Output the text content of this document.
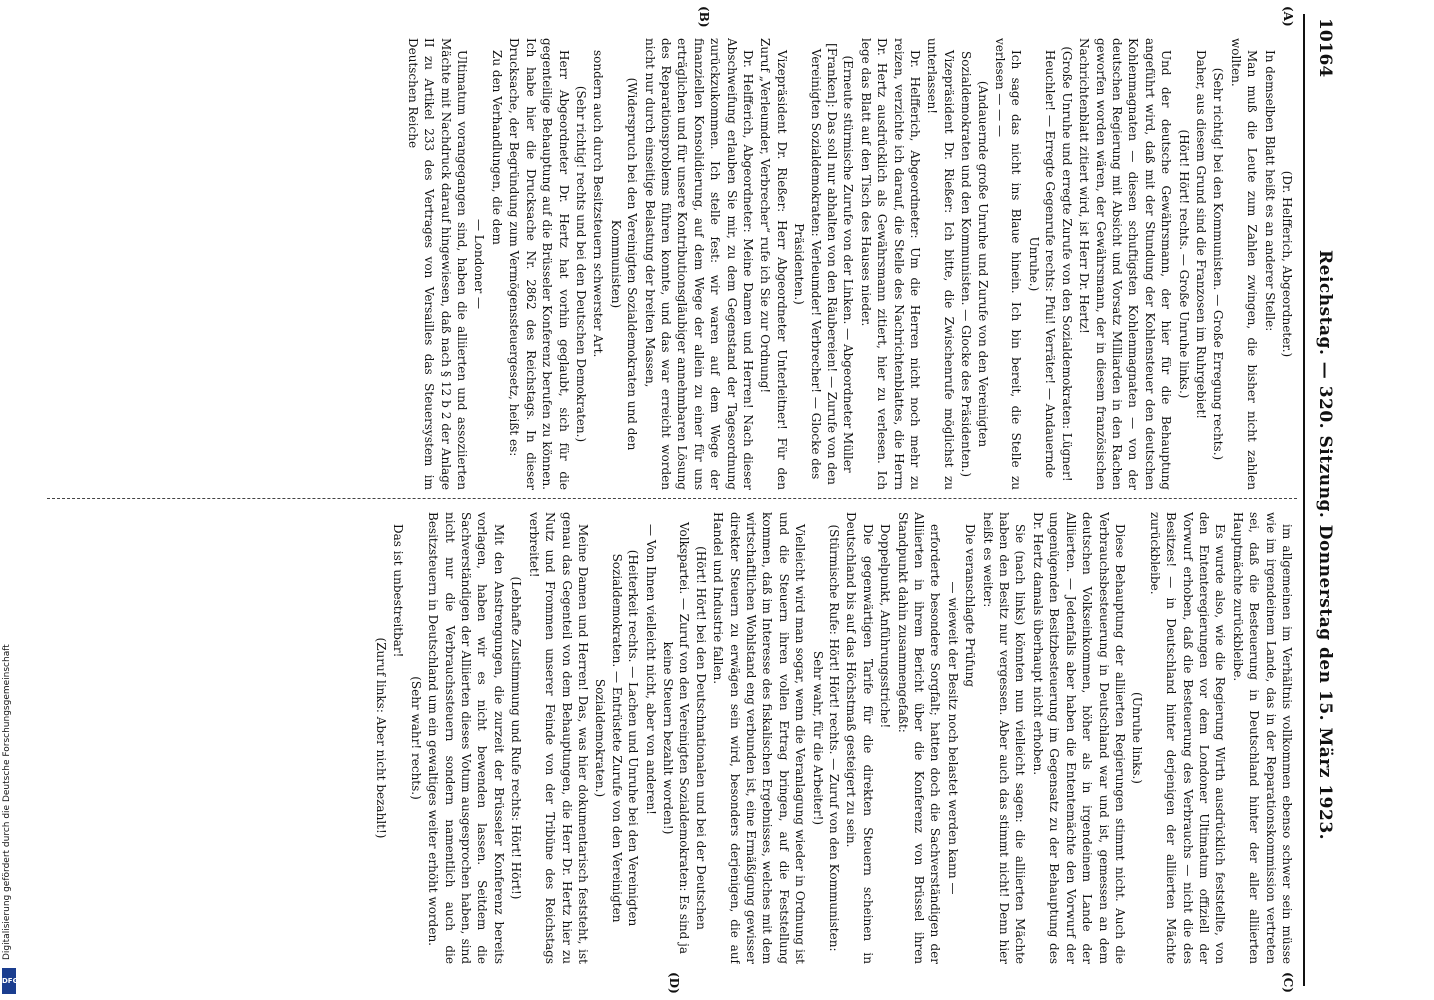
Digitalisierung gefördert durch die Deutsche Forschungsgemeinschaft
DFG
10164
Reichstag. — 320. Sitzung. Donnerstag den 15. März 1923.
(A)
(B)
(C)
(D)

(Dr. Helfferich, Abgeordneter.)

In demselben Blatt heißt es an anderer Stelle:

Man muß die Leute zum Zahlen zwingen, die bisher nicht zahlen wollten.

(Sehr richtig! bei den Kommunisten. — Große Erregung rechts.)

Daher, aus diesem Grund sind die Franzosen im Ruhrgebiet!

(Hört! Hört! rechts. — Große Unruhe links.)

Und der deutsche Gewährsmann, der hier für die Behauptung angeführt wird, daß mit der Stundung der Kohlensteuer den deutschen Kohlenmagnaten — diesen schuftigsten Kohlenmagnaten — von der deutschen Regierung mit Absicht und Vorsatz Milliarden in den Rachen geworfen worden wären, der Gewährsmann, der in diesem französischen Nachrichtenblatt zitiert wird, ist Herr Dr. Hertz!

(Große Unruhe und erregte Zurufe von den Sozialdemokraten: Lügner! Heuchler! — Erregte Gegenrufe rechts: Pfui! Verräter! — Andauernde Unruhe.)

Ich sage das nicht ins Blaue hinein. Ich bin bereit, die Stelle zu verlesen — — —

(Andauernde große Unruhe und Zurufe von den Vereinigten Sozialdemokraten und den Kommunisten. — Glocke des Präsidenten.)

Vizepräsident Dr. Rießer: Ich bitte, die Zwischenrufe möglichst zu unterlassen!

Dr. Helfferich, Abgeordneter: Um die Herren nicht noch mehr zu reizen, verzichte ich darauf, die Stelle des Nachrichtenblattes, die Herrn Dr. Hertz ausdrücklich als Gewährsmann zitiert, hier zu verlesen. Ich lege das Blatt auf den Tisch des Hauses nieder.

(Erneute stürmische Zurufe von der Linken. — Abgeordneter Müller [Franken]: Das soll nur abhalten von den Räubereien! — Zurufe von den Vereinigten Sozialdemokraten: Verleumder! Verbrecher! — Glocke des Präsidenten.)

Vizepräsident Dr. Rießer: Herr Abgeordneter Unterleitner! Für den Zuruf „Verleumder, Verbrecher“ rufe ich Sie zur Ordnung!

Dr. Helfferich, Abgeordneter: Meine Damen und Herren! Nach dieser Abschweifung erlauben Sie mir, zu dem Gegenstand der Tagesordnung zurückzukommen. Ich stelle fest: wir waren auf dem Wege der finanziellen Konsolidierung, auf dem Wege der allein zu einer für uns erträglichen und für unsere Kontributionsgläubiger annehmbaren Lösung des Reparationsproblems führen konnte, und das war erreicht worden nicht nur durch einseitige Belastung der breiten Massen,

(Widerspruch bei den Vereinigten Sozialdemokraten und den Kommunisten)

sondern auch durch Besitzsteuern schwerster Art.

(Sehr richtig! rechts und bei den Deutschen Demokraten.)

Herr Abgeordneter Dr. Hertz hat vorhin geglaubt, sich für die gegenteilige Behauptung auf die Brüsseler Konferenz berufen zu können. Ich habe hier die Drucksache Nr. 2862 des Reichstags. In dieser Drucksache, der Begründung zum Vermögenssteuergesetz, heißt es:

Zu den Verhandlungen, die dem

— Londoner —

Ultimatum vorangegangen sind, haben die alliierten und assoziierten Mächte mit Nachdruck darauf hingewiesen, daß nach § 12 b 2 der Anlage II zu Artikel 233 des Vertrages von Versailles das Steuersystem im Deutschen Reiche

im allgemeinen im Verhältnis vollkommen ebenso schwer sein müsse wie im irgendeinem Lande, das in der Reparationskommission vertreten sei, daß die Besteuerung in Deutschland hinter der aller alliierten Hauptmächte zurückbleibe.

Es wurde also, wie die Regierung Wirth ausdrücklich feststellte, von den Ententeregierungen vor dem Londoner Ultimatum offiziell der Vorwurf erhoben, daß die Besteuerung des Verbrauchs — nicht die des Besitzes! — in Deutschland hinter derjenigen der alliierten Mächte zurückbleibe.

(Unruhe links.)

Diese Behauptung der alliierten Regierungen stimmt nicht. Auch die Verbrauchsbesteuerung in Deutschland war und ist, gemessen an dem deutschen Volkseinkommen, höher als in irgendeinem Lande der Alliierten. — Jedenfalls aber haben die Ententemächte den Vorwurf der ungenügenden Besitzbesteuerung im Gegensatz zu der Behauptung des Dr. Hertz damals überhaupt nicht erhoben.

Sie (nach links) könnten nun vielleicht sagen: die alliierten Mächte haben den Besitz nur vergessen. Aber auch das stimmt nicht! Denn hier heißt es weiter:

Die veranschlagte Prüfung

— wieweit der Besitz noch belastet werden kann —

erforderte besondere Sorgfalt; hatten doch die Sachverständigen der Alliierten in ihrem Bericht über die Konferenz von Brüssel ihren Standpunkt dahin zusammengefaßt:

Doppelpunkt, Anführungsstriche!

Die gegenwärtigen Tarife für die direkten Steuern scheinen in Deutschland bis auf das Höchstmaß gesteigert zu sein.

(Stürmische Rufe: Hört! Hört! rechts. — Zuruf von den Kommunisten: Sehr wahr, für die Arbeiter!)

Vielleicht wird man sogar, wenn die Veranlagung wieder in Ordnung ist und die Steuern ihren vollen Ertrag bringen, auf die Feststellung kommen, daß im Interesse des fiskalischen Ergebnisses, welches mit dem wirtschaftlichen Wohlstand eng verbunden ist, eine Ermäßigung gewisser direkter Steuern zu erwägen sein wird, besonders derjenigen, die auf Handel und Industrie fallen.

(Hört! Hört! bei den Deutschnationalen und bei der Deutschen Volkspartei. — Zuruf von den Vereinigten Sozialdemokraten: Es sind ja keine Steuern bezahlt worden!)

— Von Ihnen vielleicht nicht, aber von anderen!

(Heiterkeit rechts. — Lachen und Unruhe bei den Vereinigten Sozialdemokraten. — Entrüstete Zurufe von den Vereinigten Sozialdemokraten.)

Meine Damen und Herren! Das, was hier dokumentarisch feststeht, ist genau das Gegenteil von dem Behauptungen, die Herr Dr. Hertz hier zu Nutz und Frommen unserer Feinde von der Tribüne des Reichstags verbreitet!

(Lebhafte Zustimmung und Rufe rechts: Hört! Hört!)

Mit den Anstrengungen, die zurzeit der Brüsseler Konferenz bereits vorlagen, haben wir es nicht bewenden lassen. Seitdem die Sachverständigen der Alliierten dieses Votum ausgesprochen haben, sind nicht nur die Verbrauchssteuern sondern namentlich auch die Besitzsteuern in Deutschland um ein gewaltiges weiter erhöht worden.

(Sehr wahr! rechts.)

Das ist unbestreitbar!

(Zuruf links: Aber nicht bezahlt!)
